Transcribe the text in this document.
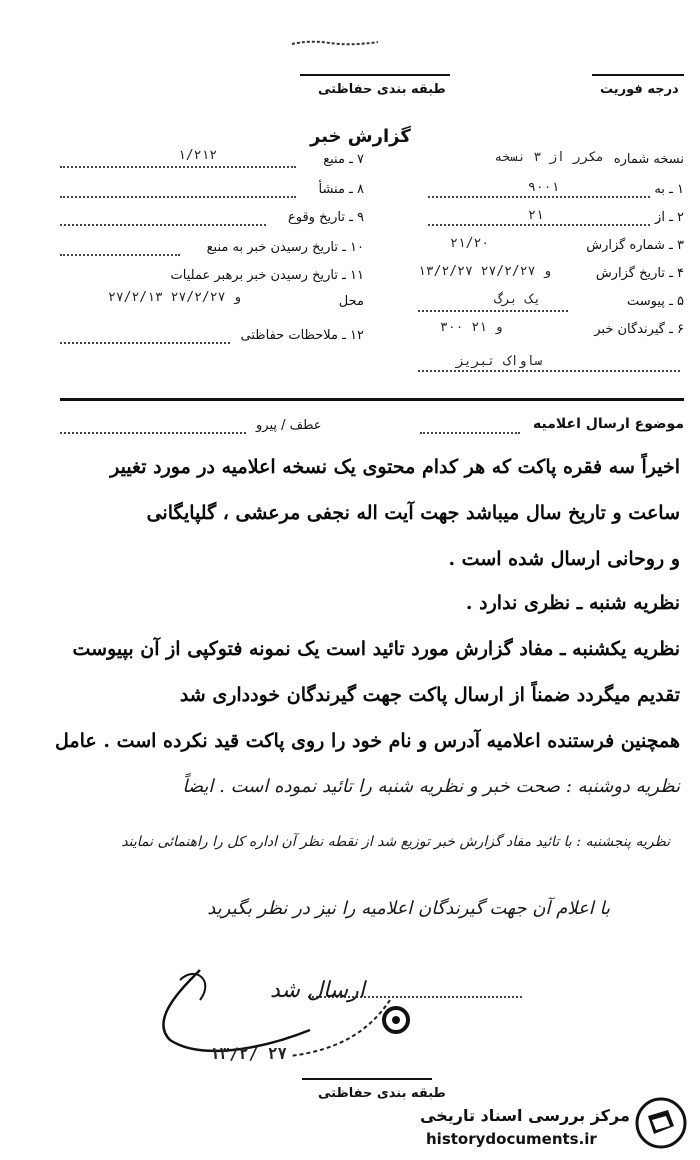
طبقه بندی حفاظتی	درجه فوریت
گزارش خبر
نسخه شماره
مکرر از ۳ نسخه
۱ ـ به
۹۰۰۱
۲ ـ از
۲۱
۳ ـ شماره گزارش
۲۱/۲۰
۴ ـ تاریخ گزارش
۱۳/۲/۲۷ و ۲۷/۲/۲۷
۵ ـ پیوست
یک برگ
۶ ـ گیرندگان خبر
۳۰۰ و ۲۱
ساواک تبریز
۷ ـ منبع
۱/۲۱۲
۸ ـ منشأ
۹ ـ تاریخ وقوع
۱۰ ـ تاریخ رسیدن خبر به منبع
۱۱ ـ تاریخ رسیدن خبر برهبر عملیات
محل
۲۷/۲/۱۳ و ۲۷/۲/۲۷
۱۲ ـ ملاحظات حفاظتی
موضوع ارسال اعلامیه
عطف / پیرو
اخیراً سه فقره پاکت که هر کدام محتوی یک نسخه اعلامیه در مورد تغییر
ساعت و تاریخ سال میباشد جهت آیت اله نجفی مرعشی ، گلپایگانی
و روحانی ارسال شده است .
نظریه شنبه ـ نظری ندارد .
نظریه یکشنبه ـ مفاد گزارش مورد تائید است یک نمونه فتوکپی از آن بپیوست
تقدیم میگردد ضمناً از ارسال پاکت جهت گیرندگان خودداری شد
همچنین فرستنده اعلامیه آدرس و نام خود را روی پاکت قید نکرده است . عامل
نظریه دوشنبه : صحت خبر و نظریه شنبه را تائید نموده است . ایضاً
نظریه پنجشنبه : با تائید مفاد گزارش خبر توزیع شد از نقطه نظر آن اداره کل را راهنمائی نمایند
با اعلام آن جهت گیرندگان اعلامیه را نیز در نظر بگیرید
ارسال شد
۱۳/۲/ ۲۷
طبقه بندی حفاظتی
مرکز بررسی اسناد تاریخی
historydocuments.ir
